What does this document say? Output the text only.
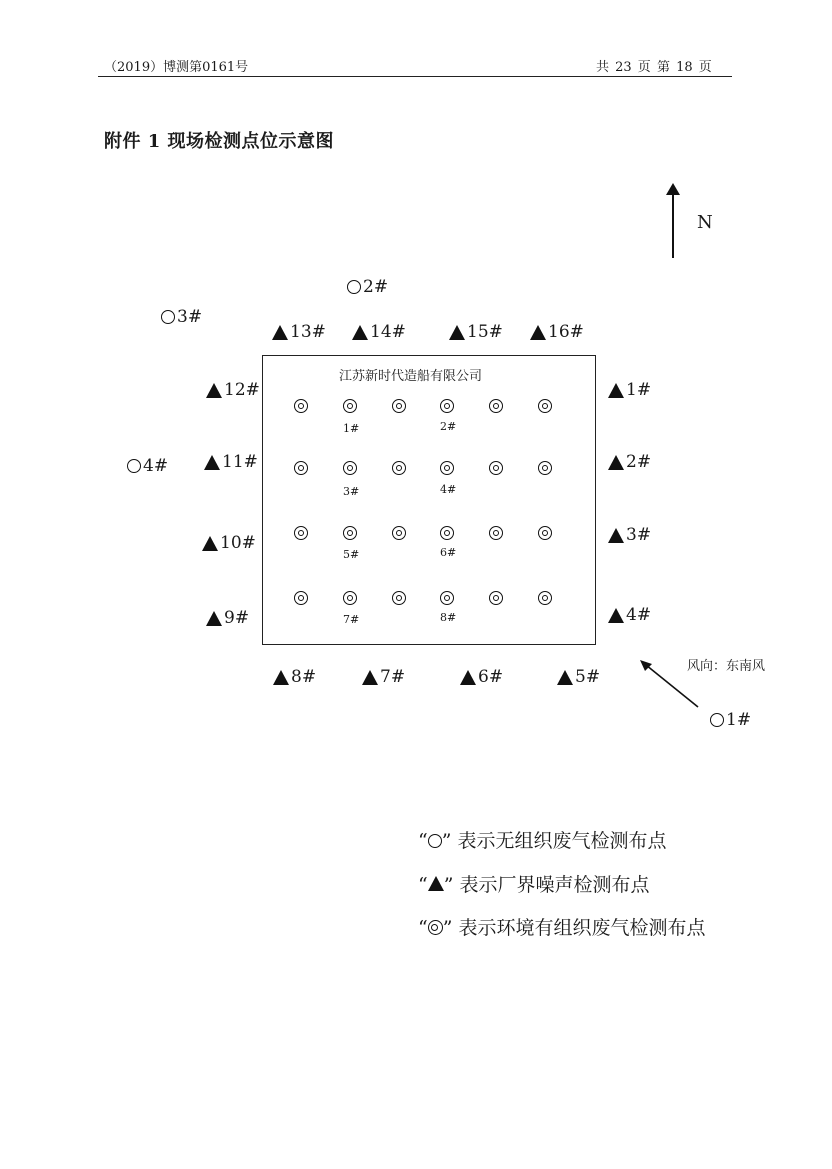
（2019）博测第0161号	共 23 页 第 18 页
附件 1 现场检测点位示意图
N
江苏新时代造船有限公司
1#
2#
3#
4#
5#
6#
7#
8#
9#
10#
11#
12#
13#	14#	15#	16#
1#
2#
3#
4#
1#	2#
3#	4#
5#	6#
7#	8#
风向：东南风
“ ” 表示无组织废气检测布点
“ ” 表示厂界噪声检测布点
“ ” 表示环境有组织废气检测布点
